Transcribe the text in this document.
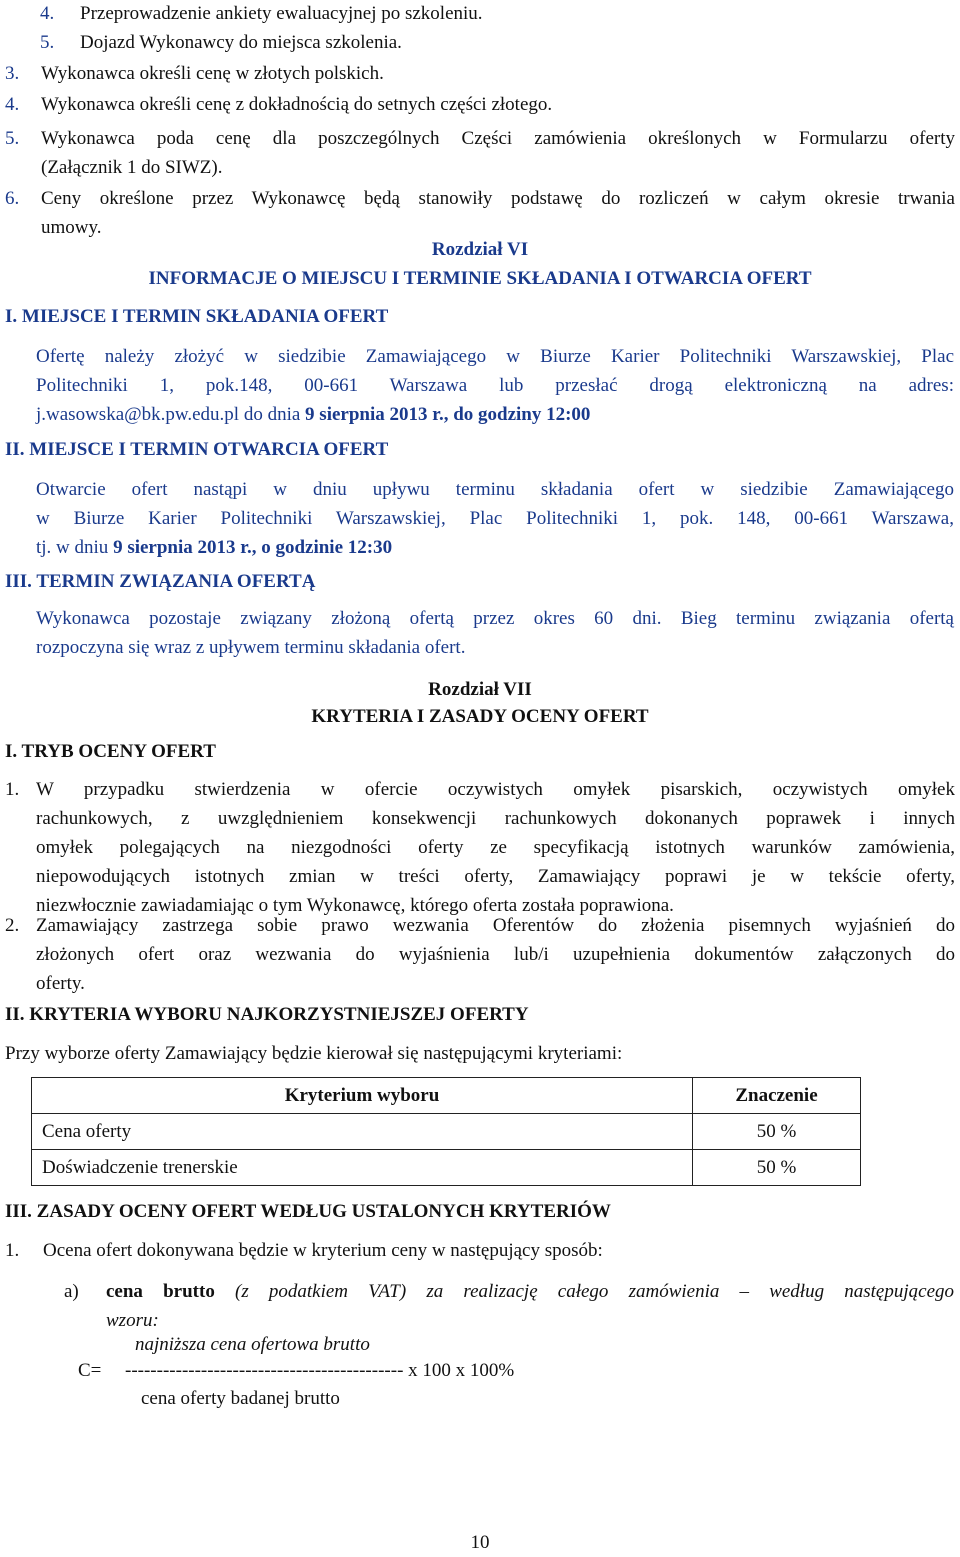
4. Przeprowadzenie ankiety ewaluacyjnej po szkoleniu.
5. Dojazd Wykonawcy do miejsca szkolenia.
3. Wykonawca określi cenę w złotych polskich.
4. Wykonawca określi cenę z dokładnością do setnych części złotego.
5. Wykonawca poda cenę dla poszczególnych Części zamówienia określonych w Formularzu oferty
(Załącznik 1 do SIWZ).
6. Ceny określone przez Wykonawcę będą stanowiły podstawę do rozliczeń w całym okresie trwania
umowy.
Rozdział VI
INFORMACJE O MIEJSCU I TERMINIE SKŁADANIA I OTWARCIA OFERT
I. MIEJSCE I TERMIN SKŁADANIA OFERT
Ofertę należy złożyć w siedzibie Zamawiającego w Biurze Karier Politechniki Warszawskiej, Plac
Politechniki 1, pok.148, 00-661 Warszawa lub przesłać drogą elektroniczną na adres:
j.wasowska@bk.pw.edu.pl do dnia 9 sierpnia 2013 r., do godziny 12:00
II. MIEJSCE I TERMIN OTWARCIA OFERT
Otwarcie ofert nastąpi w dniu upływu terminu składania ofert w siedzibie Zamawiającego
w Biurze Karier Politechniki Warszawskiej, Plac Politechniki 1, pok. 148, 00-661 Warszawa,
tj. w dniu 9 sierpnia 2013 r., o godzinie 12:30
III. TERMIN ZWIĄZANIA OFERTĄ
Wykonawca pozostaje związany złożoną ofertą przez okres 60 dni. Bieg terminu związania ofertą
rozpoczyna się wraz z upływem terminu składania ofert.
Rozdział VII
KRYTERIA I ZASADY OCENY OFERT
I. TRYB OCENY OFERT
1. W przypadku stwierdzenia w ofercie oczywistych omyłek pisarskich, oczywistych omyłek
rachunkowych, z uwzględnieniem konsekwencji rachunkowych dokonanych poprawek i innych
omyłek polegających na niezgodności oferty ze specyfikacją istotnych warunków zamówienia,
niepowodujących istotnych zmian w treści oferty, Zamawiający poprawi je w tekście oferty,
niezwłocznie zawiadamiając o tym Wykonawcę, którego oferta została poprawiona.
2. Zamawiający zastrzega sobie prawo wezwania Oferentów do złożenia pisemnych wyjaśnień do
złożonych ofert oraz wezwania do wyjaśnienia lub/i uzupełnienia dokumentów załączonych do
oferty.
II. KRYTERIA WYBORU NAJKORZYSTNIEJSZEJ OFERTY
Przy wyborze oferty Zamawiający będzie kierował się następującymi kryteriami:
Kryterium wyboru	Znaczenie
Cena oferty	50 %
Doświadczenie trenerskie	50 %
III. ZASADY OCENY OFERT WEDŁUG USTALONYCH KRYTERIÓW
1. Ocena ofert dokonywana będzie w kryterium ceny w następujący sposób:
a) cena brutto (z podatkiem VAT) za realizację całego zamówienia – według następującego
wzoru:
najniższa cena ofertowa brutto
C= -------------------------------------------- x 100 x 100%
cena oferty badanej brutto
10
